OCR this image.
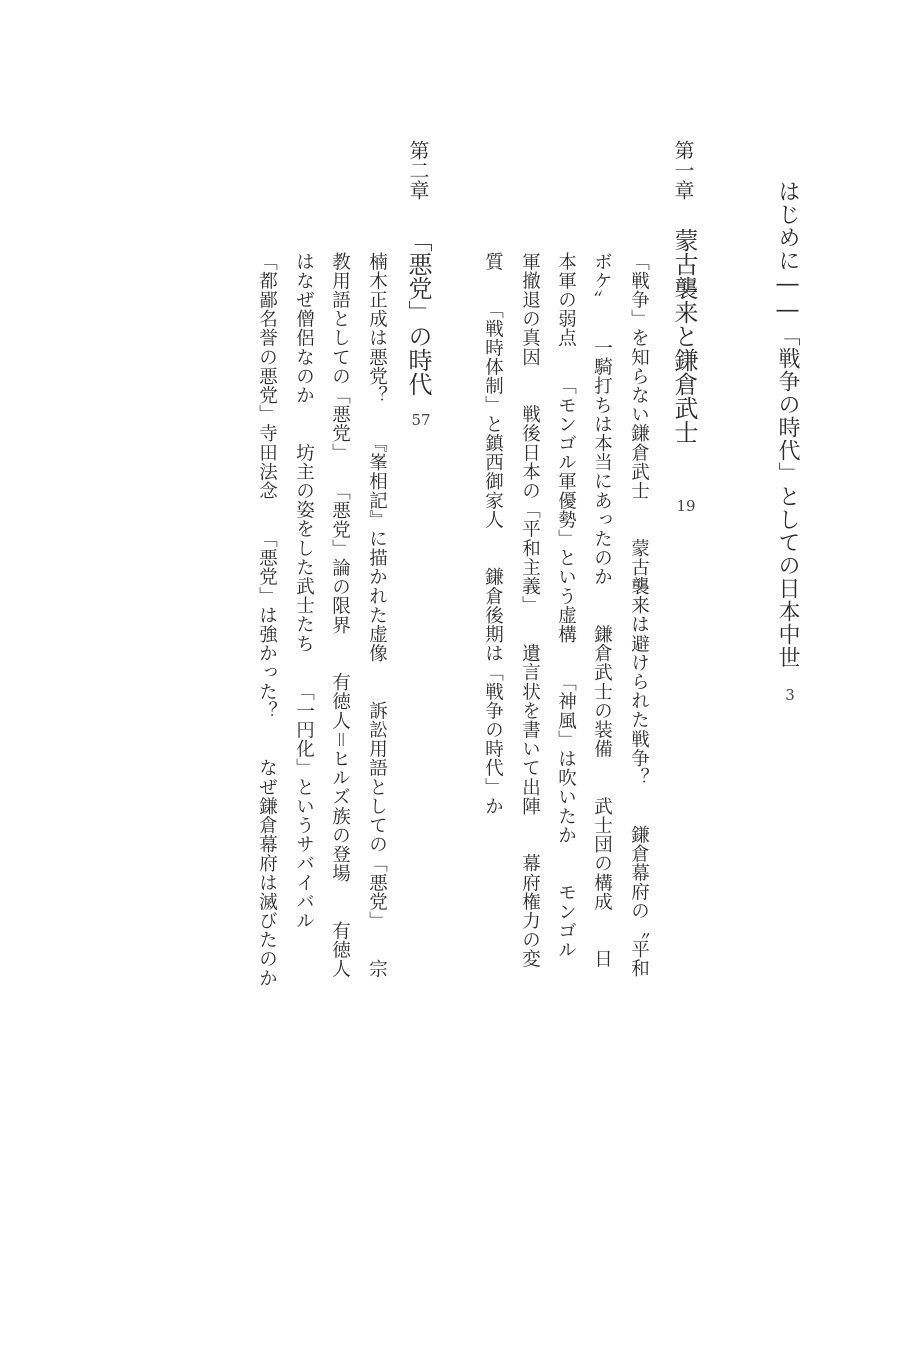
はじめに――「戦争の時代」としての日本中世
3
第一章
蒙古襲来と鎌倉武士
19
「戦争」を知らない鎌倉武士　　蒙古襲来は避けられた戦争？　　鎌倉幕府の〝平和
ボケ〟　　一騎打ちは本当にあったのか　　鎌倉武士の装備　　武士団の構成　　日
本軍の弱点　　「モンゴル軍優勢」という虚構　　「神風」は吹いたか　　モンゴル
軍撤退の真因　　戦後日本の「平和主義」　　遺言状を書いて出陣　　幕府権力の変
質　　「戦時体制」と鎮西御家人　　鎌倉後期は「戦争の時代」か
第二章
「悪党」の時代
57
楠木正成は悪党？　　『峯相記』に描かれた虚像　　訴訟用語としての「悪党」　　宗
教用語としての「悪党」　　「悪党」論の限界　　有徳人＝ヒルズ族の登場　　有徳人
はなぜ僧侶なのか　　坊主の姿をした武士たち　　「一円化」というサバイバル
「都鄙名誉の悪党」寺田法念　　「悪党」は強かった？　　なぜ鎌倉幕府は滅びたのか
